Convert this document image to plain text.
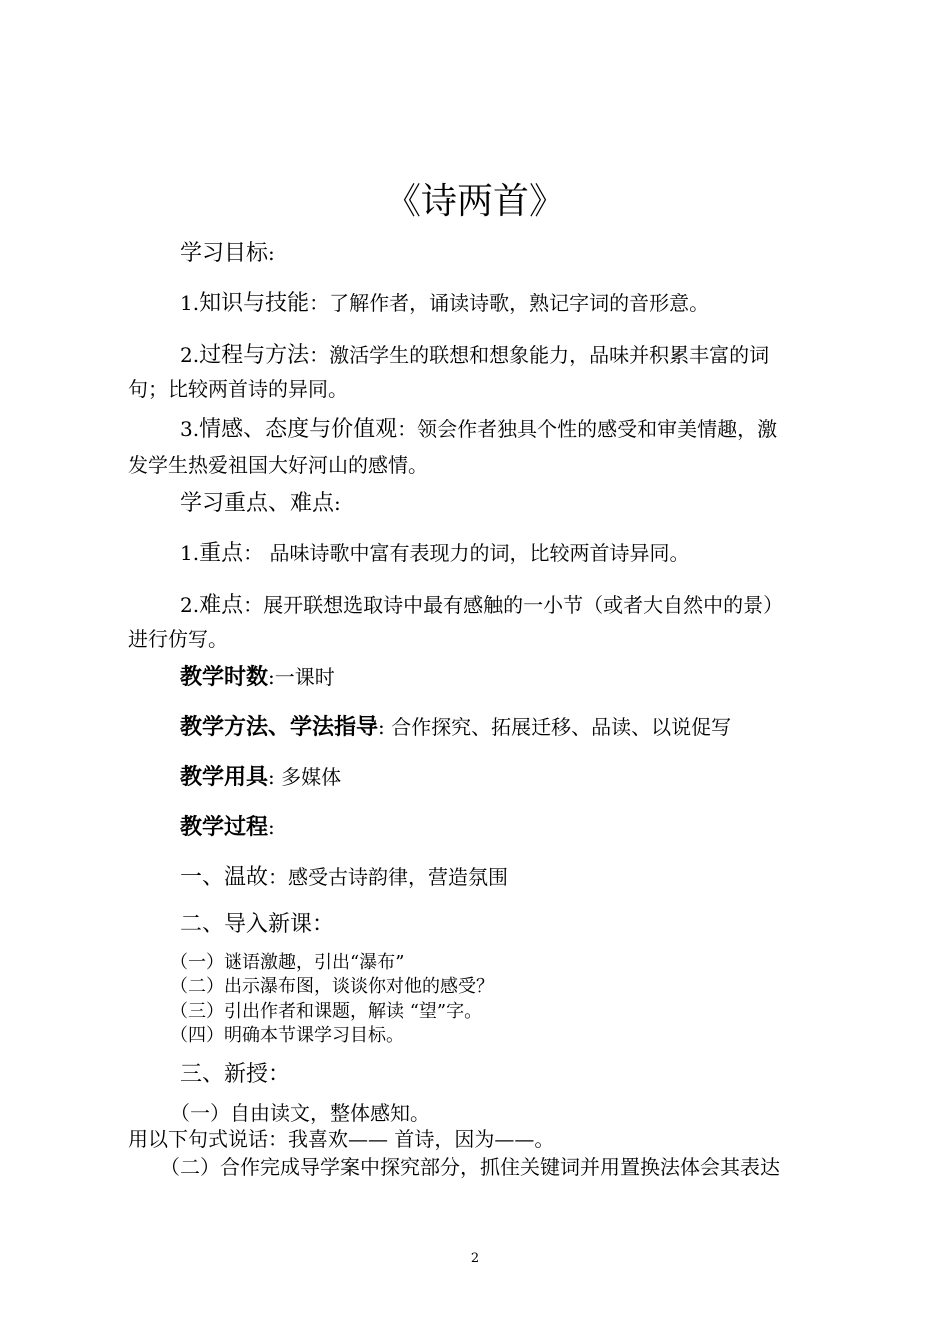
《诗两首》
学习目标:
1.知识与技能：了解作者，诵读诗歌，熟记字词的音形意。
2.过程与方法：激活学生的联想和想象能力，品味并积累丰富的词
句；比较两首诗的异同。
3.情感、态度与价值观：领会作者独具个性的感受和审美情趣，激
发学生热爱祖国大好河山的感情。
学习重点、难点:
1.重点： 品味诗歌中富有表现力的词，比较两首诗异同。
2.难点：展开联想选取诗中最有感触的一小节（或者大自然中的景）
进行仿写。
教学时数:一课时
教学方法、学法指导: 合作探究、拓展迁移、品读、以说促写
教学用具: 多媒体
教学过程:
一、温故：感受古诗韵律，营造氛围
二、导入新课：
（一）谜语激趣，引出“瀑布”
（二）出示瀑布图，谈谈你对他的感受？
（三）引出作者和课题，解读 “望”字。
（四）明确本节课学习目标。
三、新授：
（一）自由读文，整体感知。
用以下句式说话：我喜欢—— 首诗，因为——。
（二）合作完成导学案中探究部分，抓住关键词并用置换法体会其表达
2
